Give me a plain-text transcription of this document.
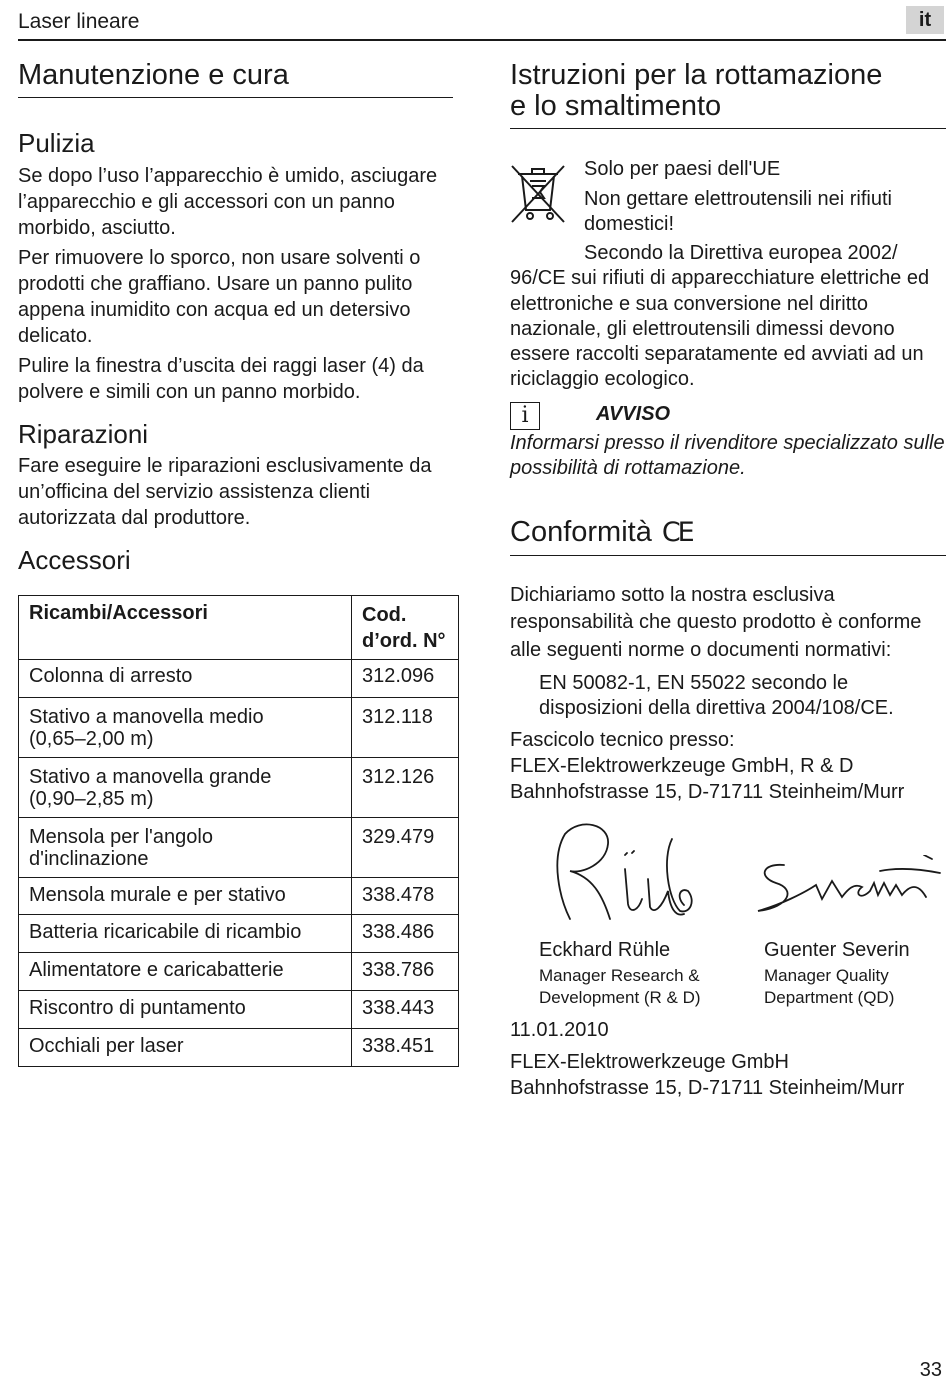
Laser lineare	it
Manutenzione e cura
Pulizia

Se dopo l’uso l’apparecchio è umido, asciugare l’apparecchio e gli accessori con un panno morbido, asciutto.

Per rimuovere lo sporco, non usare solventi o prodotti che graffiano. Usare un panno pulito appena inumidito con acqua ed un detersivo delicato.

Pulire la finestra d’uscita dei raggi laser (4) da polvere e simili con un panno morbido.

Riparazioni

Fare eseguire le riparazioni esclusivamente da un’officina del servizio assistenza clienti autorizzata dal produttore.

Accessori
Ricambi/Accessori	Cod.
d’ord. N°

Colonna di arresto	312.096

Stativo a manovella medio
(0,65–2,00 m)	312.118

Stativo a manovella grande
(0,90–2,85 m)	312.126

Mensola per l'angolo
d'inclinazione	329.479
Mensola murale e per stativo	338.478
Batteria ricaricabile di ricambio	338.486
Alimentatore e caricabatterie	338.786
Riscontro di puntamento	338.443
Occhiali per laser	338.451
Istruzioni per la rottamazione
e lo smaltimento

Solo per paesi dell'UE

Non gettare elettroutensili nei rifiuti domestici!

Secondo la Direttiva europea 2002/ 96/CE sui rifiuti di apparecchiature elettriche ed elettroniche e sua conversione nel diritto nazionale, gli elettroutensili dimessi devono essere raccolti separatamente ed avviati ad un riciclaggio ecologico.

i	AVVISO

Informarsi presso il rivenditore specializzato sulle possibilità di rottamazione.

Conformità CE

Dichiariamo sotto la nostra esclusiva responsabilità che questo prodotto è conforme alle seguenti norme o documenti normativi:

EN 50082-1, EN 55022 secondo le disposizioni della direttiva 2004/108/CE.

Fascicolo tecnico presso:

FLEX-Elektrowerkzeuge GmbH, R & D

Bahnhofstrasse 15, D-71711 Steinheim/Murr

Eckhard Rühle
Manager Research &
Development (R & D)
Guenter Severin
Manager Quality
Department (QD)

11.01.2010

FLEX-Elektrowerkzeuge GmbH

Bahnhofstrasse 15, D-71711 Steinheim/Murr

33
